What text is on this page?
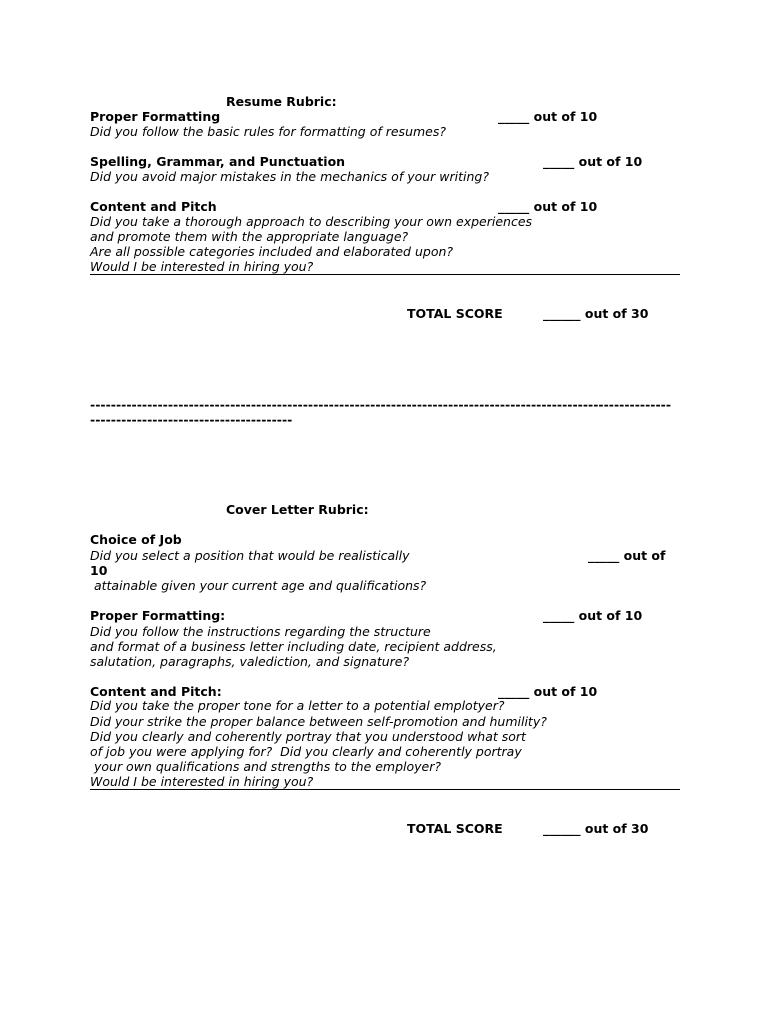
Resume Rubric:
Proper Formatting	_____ out of 10
Did you follow the basic rules for formatting of resumes?
Spelling, Grammar, and Punctuation	_____ out of 10
Did you avoid major mistakes in the mechanics of your writing?
Content and Pitch	_____ out of 10
Did you take a thorough approach to describing your own experiences
and promote them with the appropriate language?
Are all possible categories included and elaborated upon?
Would I be interested in hiring you?
TOTAL SCORE	______ out of 30
----------------------------------------------------------------------------------------------------------------
---------------------------------------
Cover Letter Rubric:
Choice of Job
Did you select a position that would be realistically	_____ out of
10
attainable given your current age and qualifications?
Proper Formatting:	_____ out of 10
Did you follow the instructions regarding the structure
and format of a business letter including date, recipient address,
salutation, paragraphs, valediction, and signature?
Content and Pitch:	_____ out of 10
Did you take the proper tone for a letter to a potential emplotyer?
Did your strike the proper balance between self-promotion and humility?
Did you clearly and coherently portray that you understood what sort
of job you were applying for?  Did you clearly and coherently portray
your own qualifications and strengths to the employer?
Would I be interested in hiring you?
TOTAL SCORE	______ out of 30
